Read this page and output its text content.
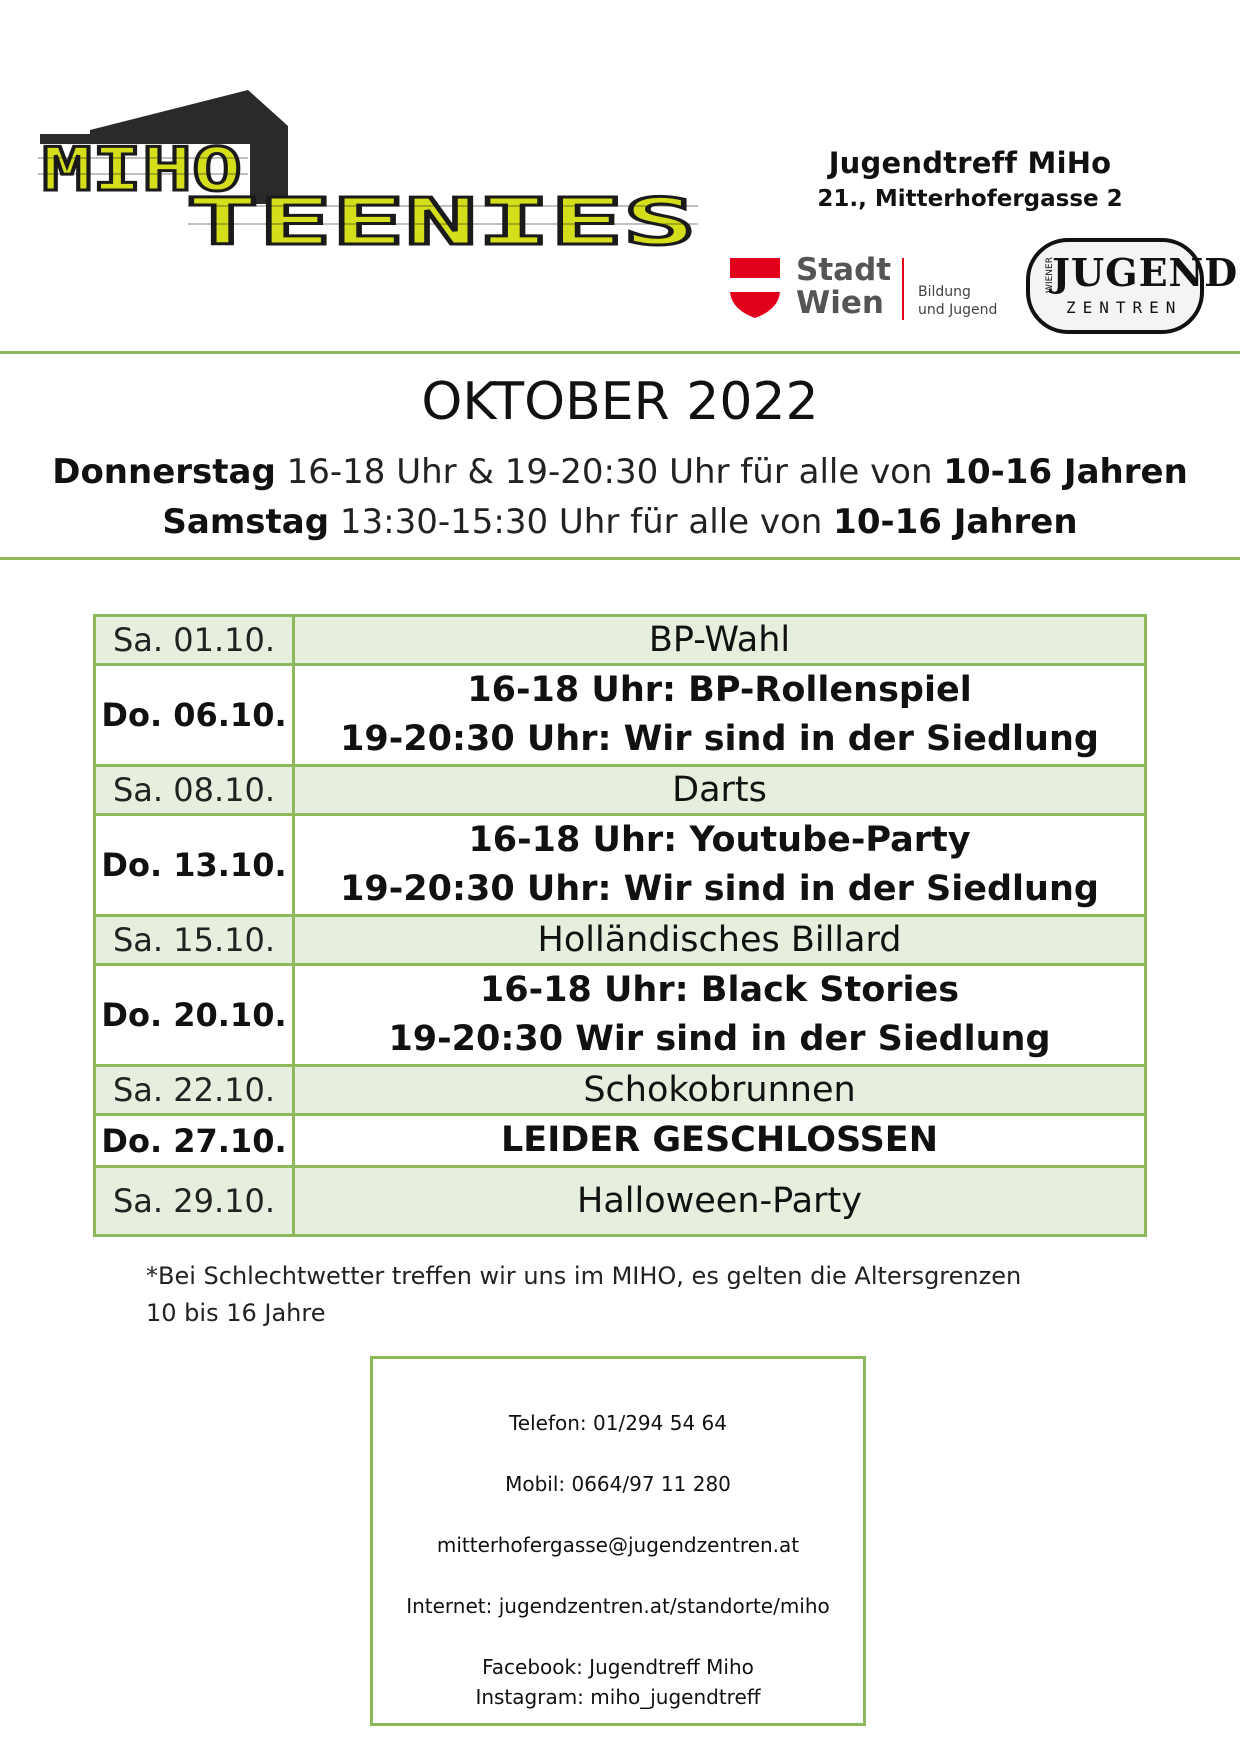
MIHO
TEENIES
Jugendtreff MiHo
21., Mitterhofergasse 2
Stadt
Wien Bildung
und Jugend
WIENER
JUGEND
ZENTREN
OKTOBER 2022
Donnerstag 16-18 Uhr & 19-20:30 Uhr für alle von 10-16 Jahren
Samstag 13:30-15:30 Uhr für alle von 10-16 Jahren
Sa. 01.10.	BP-Wahl
Do. 06.10.	16-18 Uhr: BP-Rollenspiel
19-20:30 Uhr: Wir sind in der Siedlung

Sa. 08.10.	Darts
Do. 13.10.	16-18 Uhr: Youtube-Party
19-20:30 Uhr: Wir sind in der Siedlung

Sa. 15.10.	Holländisches Billard
Do. 20.10.	16-18 Uhr: Black Stories
19-20:30 Wir sind in der Siedlung

Sa. 22.10.	Schokobrunnen
Do. 27.10.	LEIDER GESCHLOSSEN
Sa. 29.10.	Halloween-Party
*Bei Schlechtwetter treffen wir uns im MIHO, es gelten die Altersgrenzen
10 bis 16 Jahre
Telefon: 01/294 54 64
Mobil: 0664/97 11 280
mitterhofergasse@jugendzentren.at
Internet: jugendzentren.at/standorte/miho
Facebook: Jugendtreff Miho
Instagram: miho_jugendtreff
